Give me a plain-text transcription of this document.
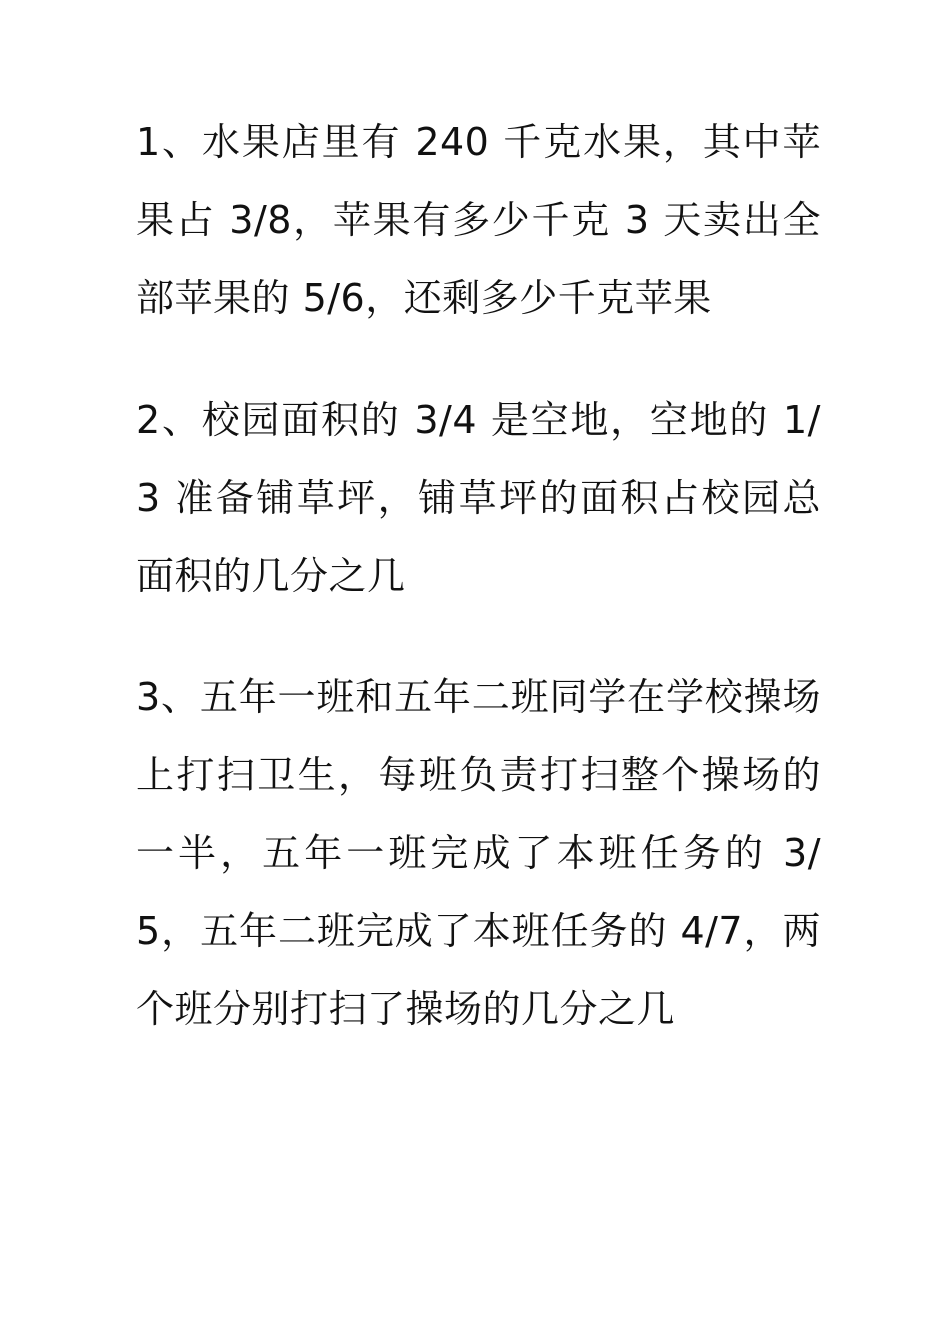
1、水果店里有 240 千克水果，其中苹果占 3/8，苹果有多少千克 3 天卖出全部苹果的 5/6，还剩多少千克苹果

2、校园面积的 3/4 是空地，空地的 1/3 准备铺草坪，铺草坪的面积占校园总面积的几分之几

3、五年一班和五年二班同学在学校操场上打扫卫生，每班负责打扫整个操场的一半，五年一班完成了本班任务的 3/5，五年二班完成了本班任务的 4/7，两个班分别打扫了操场的几分之几
